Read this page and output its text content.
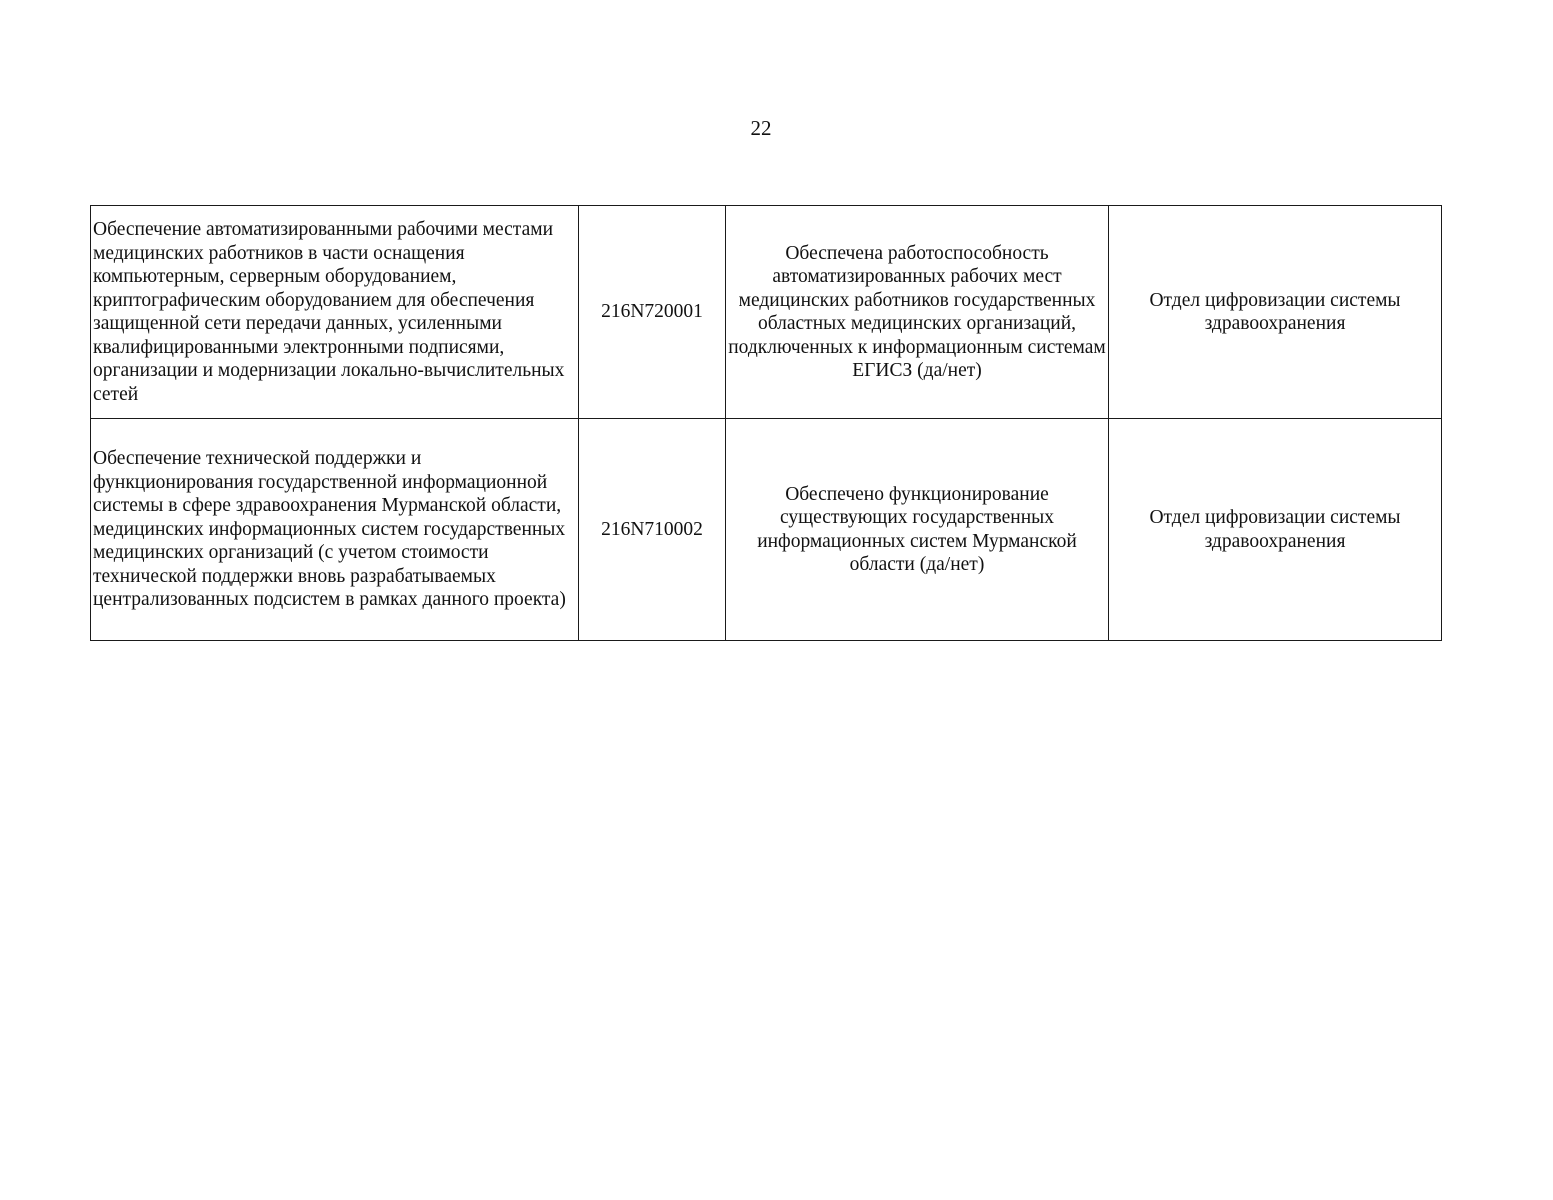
22
Обеспечение автоматизированными рабочими местами медицинских работников в части оснащения компьютерным, серверным оборудованием, криптографическим оборудованием для обеспечения защищенной сети передачи данных, усиленными квалифицированными электронными подписями, организации и модернизации локально-вычислительных сетей	216N720001	Обеспечена работоспособность автоматизированных рабочих мест медицинских работников государственных областных медицинских организаций, подключенных к информационным системам ЕГИСЗ (да/нет)	Отдел цифровизации системы здравоохранения
Обеспечение технической поддержки и функционирования государственной информационной системы в сфере здравоохранения Мурманской области, медицинских информационных систем государственных медицинских организаций (с учетом стоимости технической поддержки вновь разрабатываемых централизованных подсистем в рамках данного проекта)	216N710002	Обеспечено функционирование существующих государственных информационных систем Мурманской области (да/нет)	Отдел цифровизации системы здравоохранения
